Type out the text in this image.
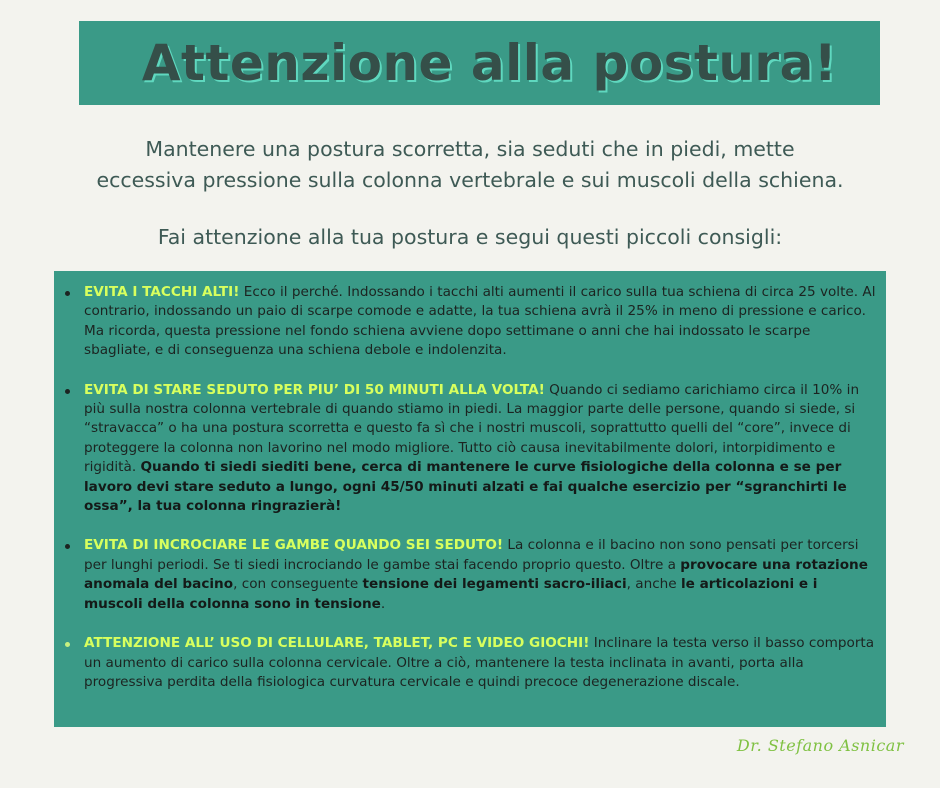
Attenzione alla postura!

Mantenere una postura scorretta, sia seduti che in piedi, mette

eccessiva pressione sulla colonna vertebrale e sui muscoli della schiena.

Fai attenzione alla tua postura e segui questi piccoli consigli:

EVITA I TACCHI ALTI! Ecco il perché. Indossando i tacchi alti aumenti il carico sulla tua schiena di circa 25 volte. Al contrario, indossando un paio di scarpe comode e adatte, la tua schiena avrà il 25% in meno di pressione e carico. Ma ricorda, questa pressione nel fondo schiena avviene dopo settimane o anni che hai indossato le scarpe sbagliate, e di conseguenza una schiena debole e indolenzita.
EVITA DI STARE SEDUTO PER PIU’ DI 50 MINUTI ALLA VOLTA! Quando ci sediamo carichiamo circa il 10% in più sulla nostra colonna vertebrale di quando stiamo in piedi. La maggior parte delle persone, quando si siede, si “stravacca” o ha una postura scorretta e questo fa sì che i nostri muscoli, soprattutto quelli del “core”, invece di proteggere la colonna non lavorino nel modo migliore. Tutto ciò causa inevitabilmente dolori, intorpidimento e rigidità. Quando ti siedi siediti bene, cerca di mantenere le curve fisiologiche della colonna e se per lavoro devi stare seduto a lungo, ogni 45/50 minuti alzati e fai qualche esercizio per “sgranchirti le ossa”, la tua colonna ringrazierà!
EVITA DI INCROCIARE LE GAMBE QUANDO SEI SEDUTO! La colonna e il bacino non sono pensati per torcersi per lunghi periodi. Se ti siedi incrociando le gambe stai facendo proprio questo. Oltre a provocare una rotazione anomala del bacino, con conseguente tensione dei legamenti sacro-iliaci, anche le articolazioni e i muscoli della colonna sono in tensione.
ATTENZIONE ALL’ USO DI CELLULARE, TABLET, PC E VIDEO GIOCHI! Inclinare la testa verso il basso comporta un aumento di carico sulla colonna cervicale. Oltre a ciò, mantenere la testa inclinata in avanti, porta alla progressiva perdita della fisiologica curvatura cervicale e quindi precoce degenerazione discale.
Dr. Stefano Asnicar
